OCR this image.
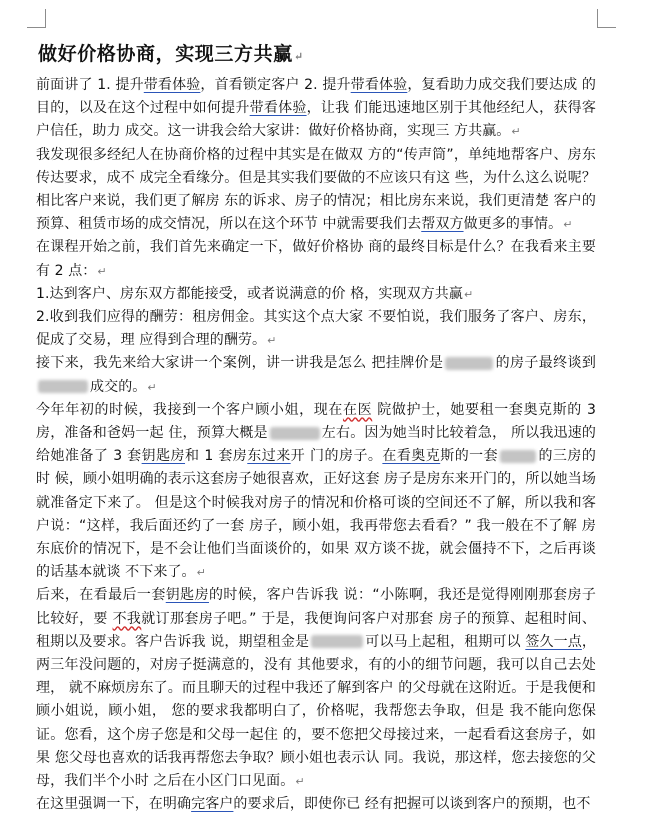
做好价格协商，实现三方共赢↵

前面讲了 1. 提升带看体验，首看锁定客户 2. 提升带看体验，复看助力成交我们要达成 的目的，以及在这个过程中如何提升带看体验，让我 们能迅速地区别于其他经纪人，获得客户信任，助力 成交。这一讲我会给大家讲：做好价格协商，实现三 方共赢。↵

我发现很多经纪人在协商价格的过程中其实是在做双 方的“传声筒”，单纯地帮客户、房东传达要求，成不 成完全看缘分。但是其实我们要做的不应该只有这 些，为什么这么说呢？相比客户来说，我们更了解房 东的诉求、房子的情况；相比房东来说，我们更清楚 客户的预算、租赁市场的成交情况，所以在这个环节 中就需要我们去帮双方做更多的事情。↵

在课程开始之前，我们首先来确定一下，做好价格协 商的最终目标是什么？在我看来主要有 2 点：↵

1.达到客户、房东双方都能接受，或者说满意的价 格，实现双方共赢↵

2.收到我们应得的酬劳：租房佣金。其实这个点大家 不要怕说，我们服务了客户、房东，促成了交易，理 应得到合理的酬劳。↵

接下来，我先来给大家讲一个案例，讲一讲我是怎么 把挂牌价是	的房子最终谈到成交的。↵

今年年初的时候，我接到一个客户顾小姐，现在在医 院做护士，她要租一套奥克斯的 3 房，准备和爸妈一起 住，预算大概是	左右。因为她当时比较着急， 所以我迅速的给她准备了 3 套钥匙房和 1 套房东过来开 门的房子。在看奥克斯的一套	的三房的时 候，顾小姐明确的表示这套房子她很喜欢，正好这套 房子是房东来开门的，所以她当场就准备定下来了。 但是这个时候我对房子的情况和价格可谈的空间还不了解，所以我和客户说：“这样，我后面还约了一套 房子，顾小姐，我再带您去看看？” 我一般在不了解 房东底价的情况下，是不会让他们当面谈价的，如果 双方谈不拢，就会僵持不下，之后再谈的话基本就谈 不下来了。↵

后来，在看最后一套钥匙房的时候，客户告诉我 说：“小陈啊，我还是觉得刚刚那套房子比较好，要 不我就订那套房子吧。” 于是，我便询问客户对那套 房子的预算、起租时间、租期以及要求。客户告诉我 说，期望租金是	可以马上起租，租期可以 签久一点，两三年没问题的，对房子挺满意的，没有 其他要求，有的小的细节问题，我可以自己去处理， 就不麻烦房东了。而且聊天的过程中我还了解到客户 的父母就在这附近。于是我便和顾小姐说，顾小姐， 您的要求我都明白了，价格呢，我帮您去争取，但是 我不能向您保证。您看，这个房子您是和父母一起住 的，要不您把父母接过来，一起看看这套房子，如果 您父母也喜欢的话我再帮您去争取？顾小姐也表示认 同。我说，那这样，您去接您的父母，我们半个小时 之后在小区门口见面。↵

在这里强调一下，在明确完客户的要求后，即使你已 经有把握可以谈到客户的预期，也不
